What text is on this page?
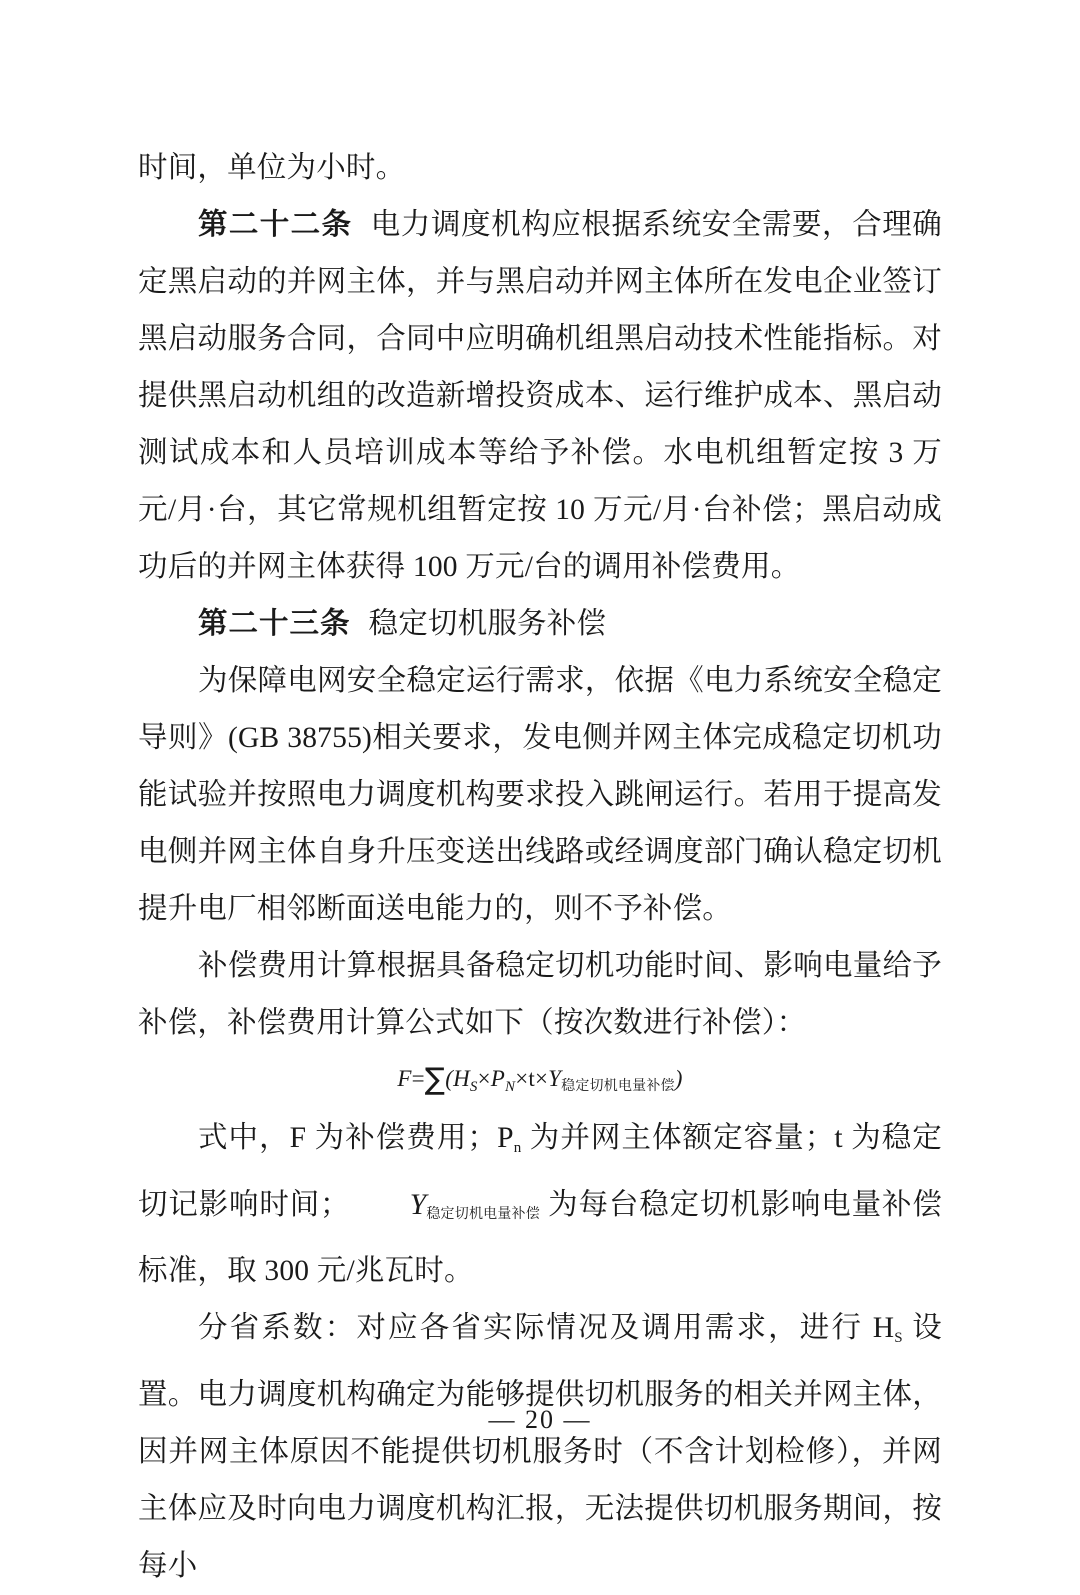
时间，单位为小时。

第二十二条 电力调度机构应根据系统安全需要，合理确定黑启动的并网主体，并与黑启动并网主体所在发电企业签订黑启动服务合同，合同中应明确机组黑启动技术性能指标。对提供黑启动机组的改造新增投资成本、运行维护成本、黑启动测试成本和人员培训成本等给予补偿。水电机组暂定按 3 万元/月·台，其它常规机组暂定按 10 万元/月·台补偿；黑启动成功后的并网主体获得 100 万元/台的调用补偿费用。

第二十三条 稳定切机服务补偿

为保障电网安全稳定运行需求，依据《电力系统安全稳定导则》(GB 38755)相关要求，发电侧并网主体完成稳定切机功能试验并按照电力调度机构要求投入跳闸运行。若用于提高发电侧并网主体自身升压变送出线路或经调度部门确认稳定切机提升电厂相邻断面送电能力的，则不予补偿。

补偿费用计算根据具备稳定切机功能时间、影响电量给予补偿，补偿费用计算公式如下（按次数进行补偿）：

$F=\sum(H_S\times P_N\times t\times Y$稳定切机电量补偿)

式中，F 为补偿费用；Pn 为并网主体额定容量；t 为稳定切记影响时间； Y稳定切机电量补偿 为每台稳定切机影响电量补偿标准，取 300 元/兆瓦时。

分省系数：对应各省实际情况及调用需求，进行 HS 设置。电力调度机构确定为能够提供切机服务的相关并网主体，因并网主体原因不能提供切机服务时（不含计划检修），并网主体应及时向电力调度机构汇报，无法提供切机服务期间，按每小

— 20 —
